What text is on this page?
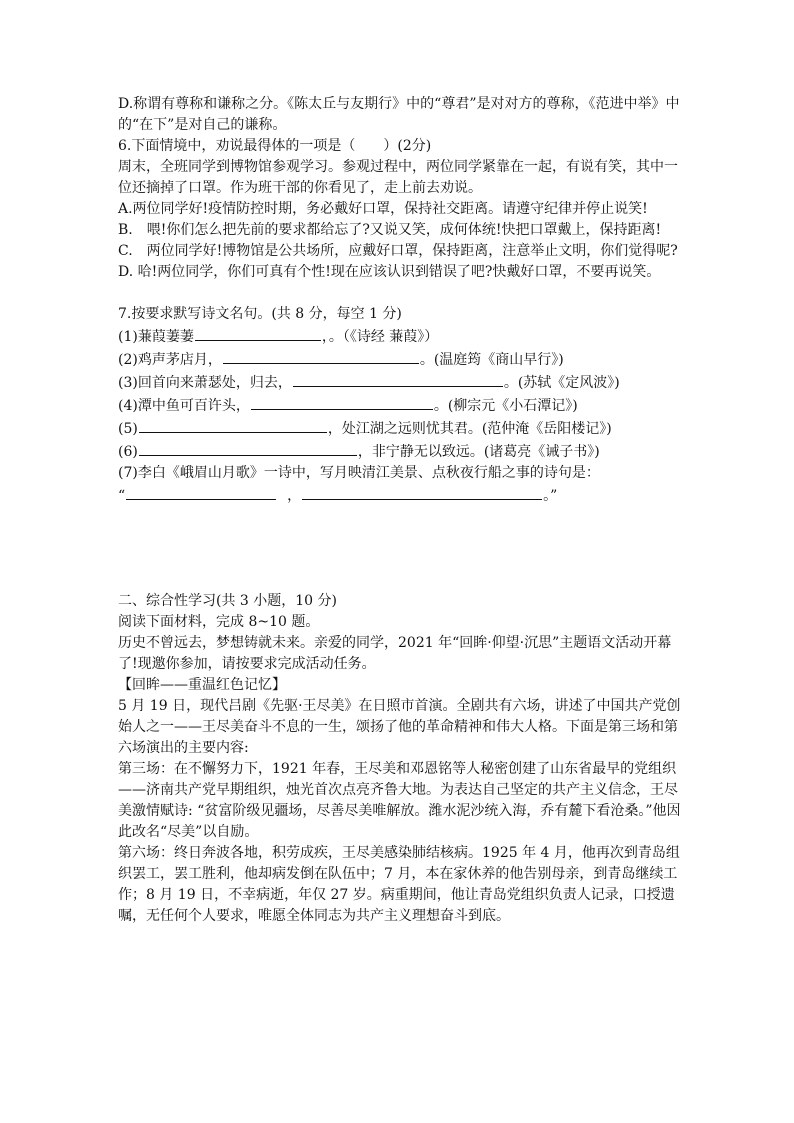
D.称谓有尊称和谦称之分。《陈太丘与友期行》中的“尊君”是对对方的尊称，《范进中举》中的“在下”是对自己的谦称。

6.下面情境中，劝说最得体的一项是（　　）(2分)

周末，全班同学到博物馆参观学习。参观过程中，两位同学紧靠在一起，有说有笑，其中一位还摘掉了口罩。作为班干部的你看见了，走上前去劝说。

A.两位同学好!疫情防控时期，务必戴好口罩，保持社交距离。请遵守纪律并停止说笑!

B.　喂!你们怎么把先前的要求都给忘了?又说又笑，成何体统!快把口罩戴上，保持距离!

C.　两位同学好!博物馆是公共场所，应戴好口罩，保持距离，注意举止文明，你们觉得呢?

D. 哈!两位同学，你们可真有个性!现在应该认识到错误了吧?快戴好口罩，不要再说笑。

7.按要求默写诗文名句。(共 8 分，每空 1 分)

(1)蒹葭萋萋	，。（《诗经 蒹葭》）

(2)鸡声茅店月，	。(温庭筠《商山早行》)

(3)回首向来萧瑟处，归去，	。(苏轼《定风波》)

(4)潭中鱼可百许头，	。(柳宗元《小石潭记》)

(5)	，处江湖之远则忧其君。(范仲淹《岳阳楼记》)

(6)	，非宁静无以致远。(诸葛亮《诫子书》)

(7)李白《峨眉山月歌》一诗中，写月映清江美景、点秋夜行船之事的诗句是：

“	，	。”

二、综合性学习(共 3 小题，10 分)

阅读下面材料，完成 8~10 题。

历史不曾远去，梦想铸就未来。亲爱的同学，2021 年“回眸·仰望·沉思”主题语文活动开幕了!现邀你参加，请按要求完成活动任务。

【回眸——重温红色记忆】

5 月 19 日，现代吕剧《先驱·王尽美》在日照市首演。全剧共有六场，讲述了中国共产党创始人之一——王尽美奋斗不息的一生，颂扬了他的革命精神和伟大人格。下面是第三场和第六场演出的主要内容:

第三场：在不懈努力下，1921 年春，王尽美和邓恩铭等人秘密创建了山东省最早的党组织——济南共产党早期组织，烛光首次点亮齐鲁大地。为表达自己坚定的共产主义信念，王尽美激情赋诗: “贫富阶级见疆场，尽善尽美唯解放。潍水泥沙统入海，乔有麓下看沧桑。”他因此改名“尽美”以自励。

第六场：终日奔波各地，积劳成疾，王尽美感染肺结核病。1925 年 4 月，他再次到青岛组织罢工，罢工胜利，他却病发倒在队伍中；7 月，本在家休养的他告别母亲，到青岛继续工作；8 月 19 日，不幸病逝，年仅 27 岁。病重期间，他让青岛党组织负责人记录，口授遗嘱，无任何个人要求，唯愿全体同志为共产主义理想奋斗到底。
